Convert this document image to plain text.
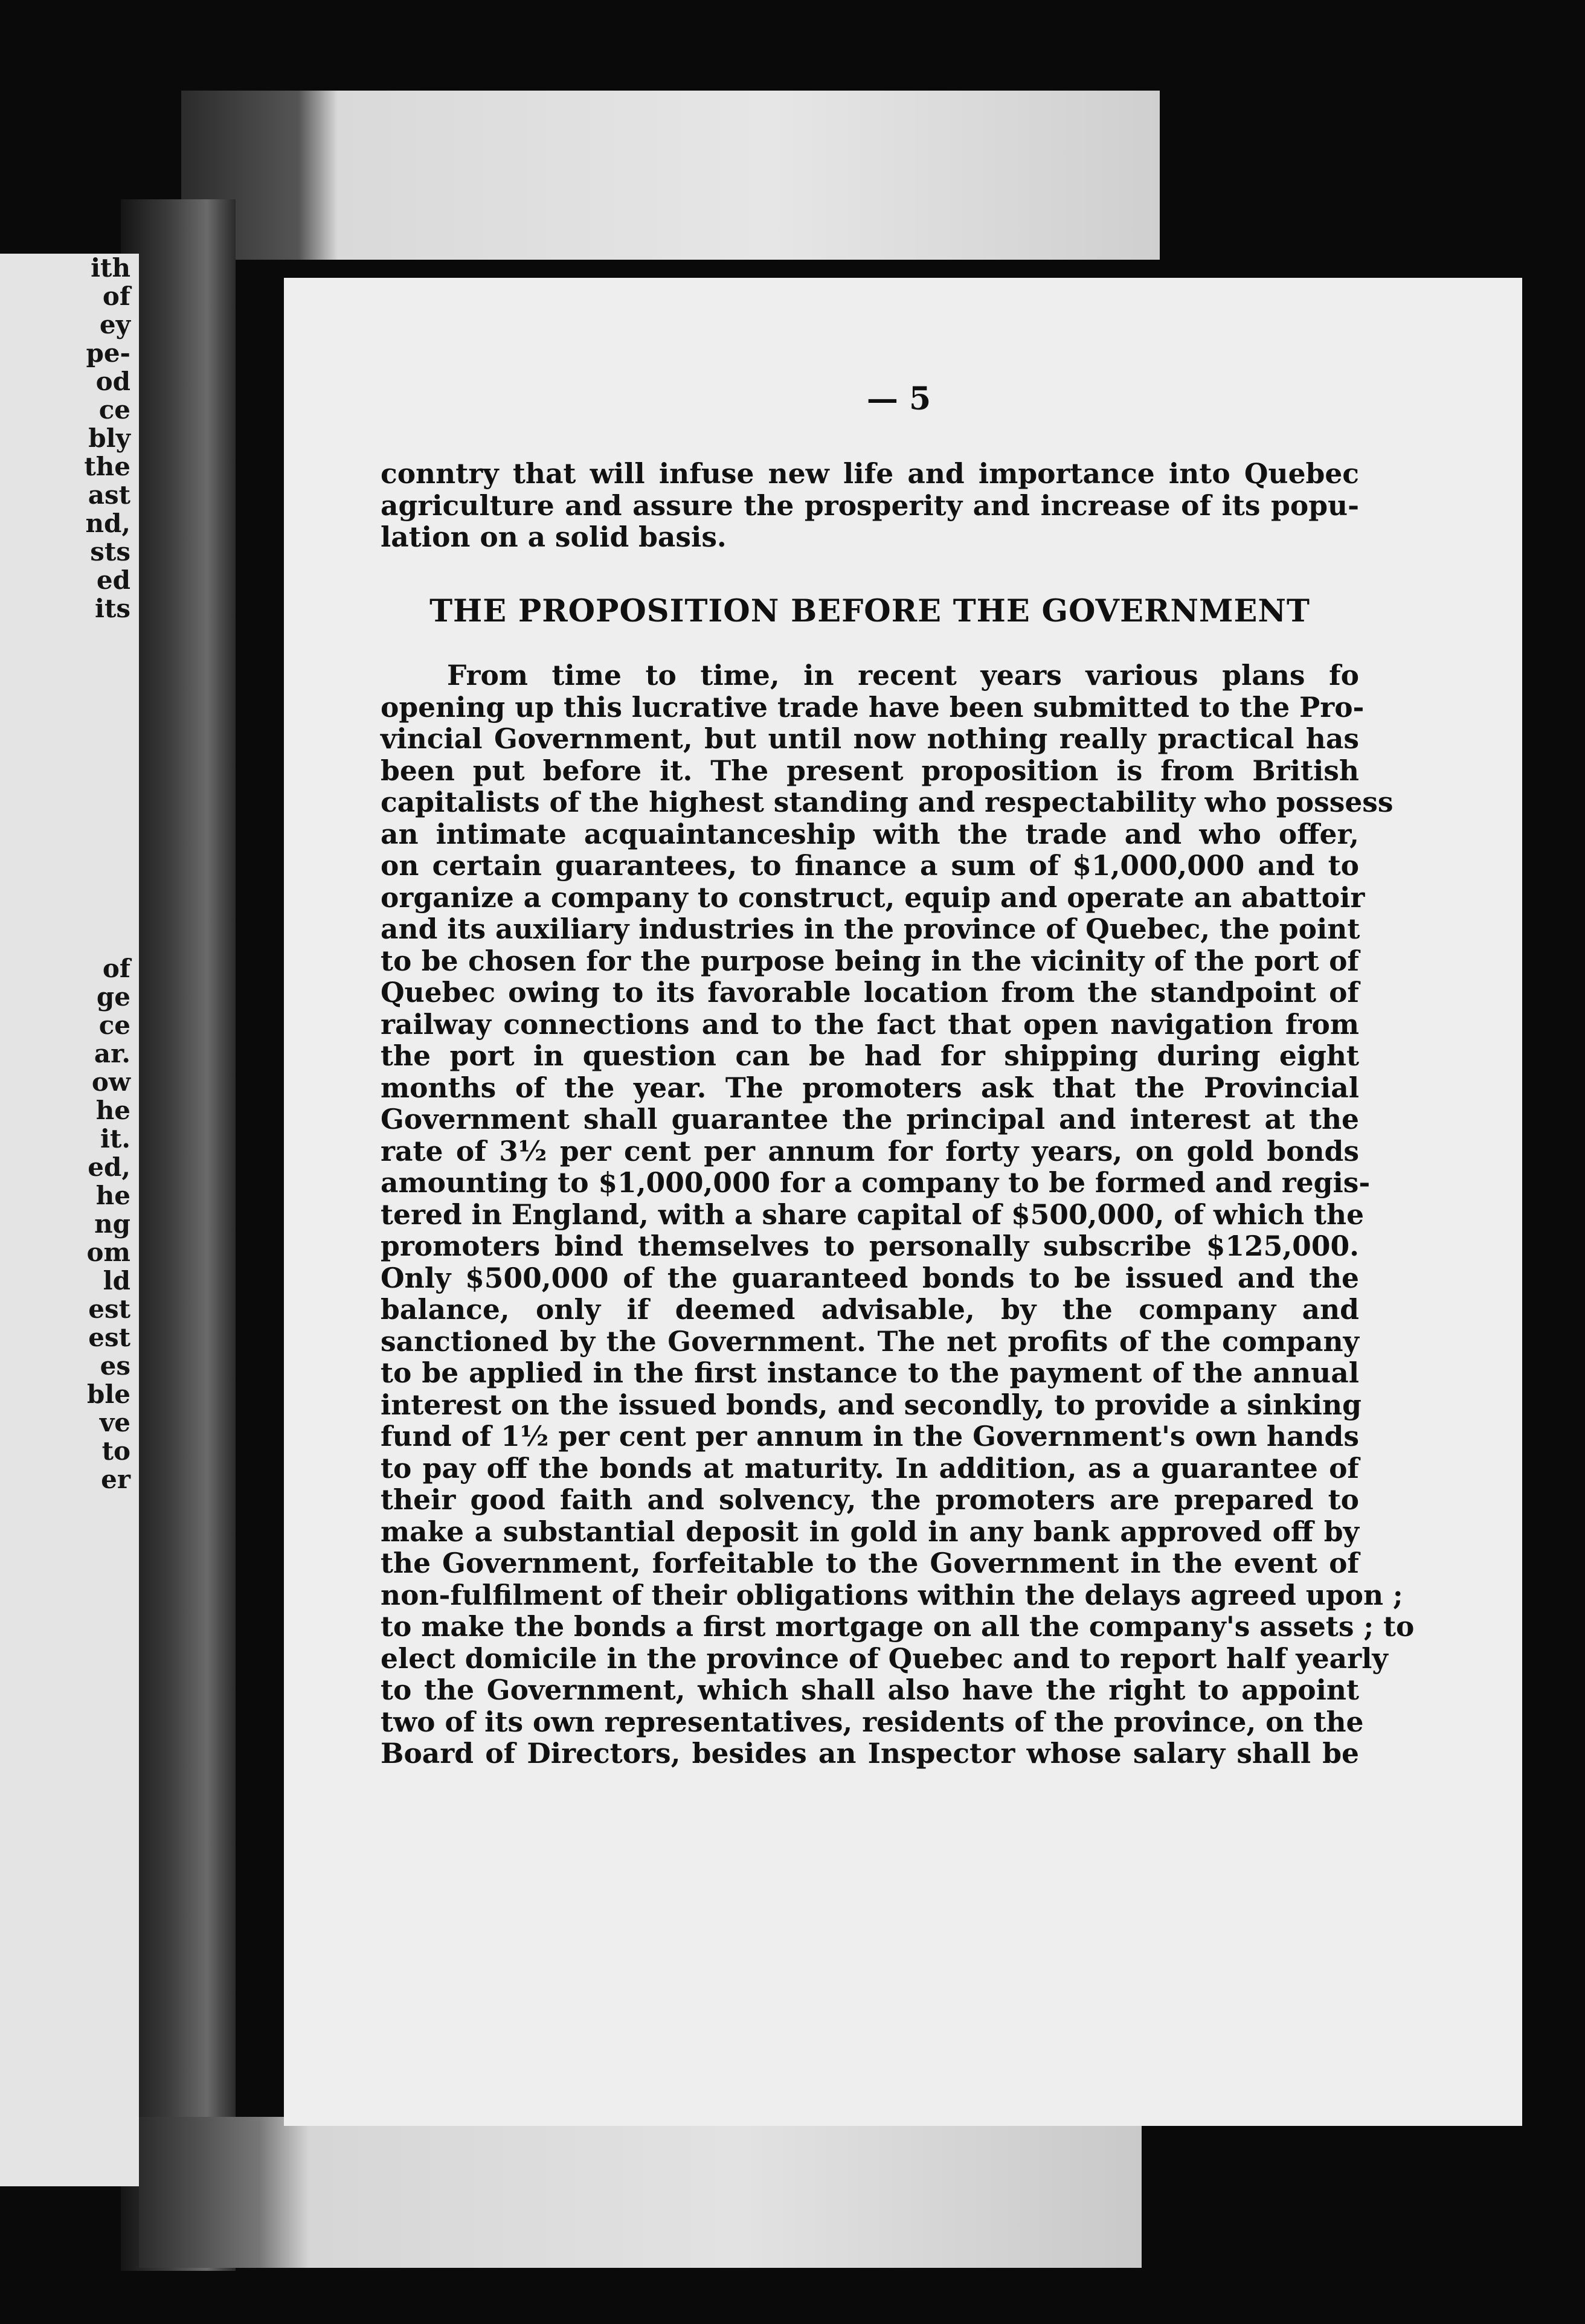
ith
of
ey
pe-
od
ce
bly
the
ast
nd,
sts
ed
its
of
ge
ce
ar.
ow
he
it.
ed,
he
ng
om
ld
est
est
es
ble
ve
to
er
— 5
conntry that will infuse new life and importance into Quebec
agriculture and assure the prosperity and increase of its popu-
lation on a solid basis.
THE PROPOSITION BEFORE THE GOVERNMENT
From time to time, in recent years various plans fo
opening up this lucrative trade have been submitted to the Pro-
vincial Government, but until now nothing really practical has
been put before it. The present proposition is from British
capitalists of the highest standing and respectability who possess
an intimate acquaintanceship with the trade and who offer,
on certain guarantees, to finance a sum of $1,000,000 and to
organize a company to construct, equip and operate an abattoir
and its auxiliary industries in the province of Quebec, the point
to be chosen for the purpose being in the vicinity of the port of
Quebec owing to its favorable location from the standpoint of
railway connections and to the fact that open navigation from
the port in question can be had for shipping during eight
months of the year. The promoters ask that the Provincial
Government shall guarantee the principal and interest at the
rate of 3½ per cent per annum for forty years, on gold bonds
amounting to $1,000,000 for a company to be formed and regis-
tered in England, with a share capital of $500,000, of which the
promoters bind themselves to personally subscribe $125,000.
Only $500,000 of the guaranteed bonds to be issued and the
balance, only if deemed advisable, by the company and
sanctioned by the Government. The net profits of the company
to be applied in the first instance to the payment of the annual
interest on the issued bonds, and secondly, to provide a sinking
fund of 1½ per cent per annum in the Government's own hands
to pay off the bonds at maturity. In addition, as a guarantee of
their good faith and solvency, the promoters are prepared to
make a substantial deposit in gold in any bank approved off by
the Government, forfeitable to the Government in the event of
non-fulfilment of their obligations within the delays agreed upon ;
to make the bonds a first mortgage on all the company's assets ; to
elect domicile in the province of Quebec and to report half yearly
to the Government, which shall also have the right to appoint
two of its own representatives, residents of the province, on the
Board of Directors, besides an Inspector whose salary shall be
